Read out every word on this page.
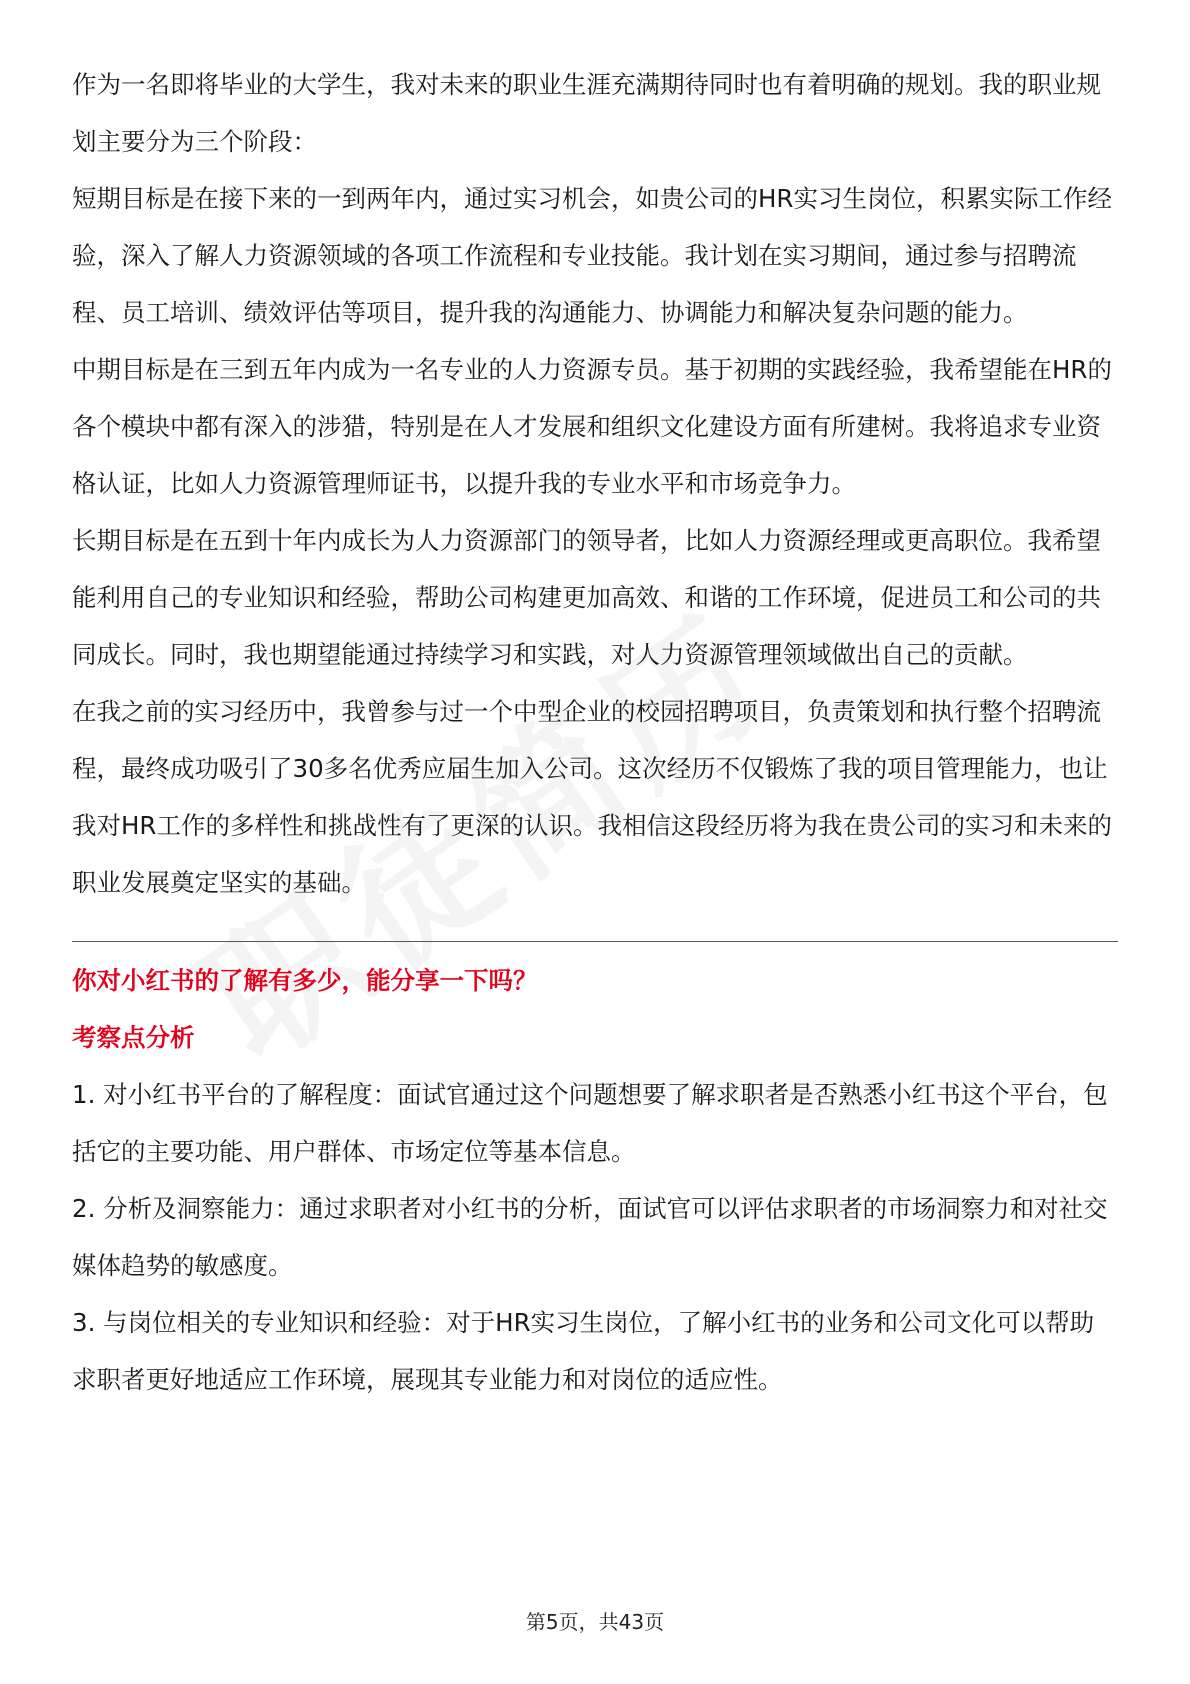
作为一名即将毕业的大学生，我对未来的职业生涯充满期待同时也有着明确的规划。我的职业规划主要分为三个阶段：

短期目标是在接下来的一到两年内，通过实习机会，如贵公司的HR实习生岗位，积累实际工作经验，深入了解人力资源领域的各项工作流程和专业技能。我计划在实习期间，通过参与招聘流程、员工培训、绩效评估等项目，提升我的沟通能力、协调能力和解决复杂问题的能力。

中期目标是在三到五年内成为一名专业的人力资源专员。基于初期的实践经验，我希望能在HR的各个模块中都有深入的涉猎，特别是在人才发展和组织文化建设方面有所建树。我将追求专业资格认证，比如人力资源管理师证书，以提升我的专业水平和市场竞争力。

长期目标是在五到十年内成长为人力资源部门的领导者，比如人力资源经理或更高职位。我希望能利用自己的专业知识和经验，帮助公司构建更加高效、和谐的工作环境，促进员工和公司的共同成长。同时，我也期望能通过持续学习和实践，对人力资源管理领域做出自己的贡献。

在我之前的实习经历中，我曾参与过一个中型企业的校园招聘项目，负责策划和执行整个招聘流程，最终成功吸引了30多名优秀应届生加入公司。这次经历不仅锻炼了我的项目管理能力，也让我对HR工作的多样性和挑战性有了更深的认识。我相信这段经历将为我在贵公司的实习和未来的职业发展奠定坚实的基础。

你对小红书的了解有多少，能分享一下吗？

考察点分析

1. 对小红书平台的了解程度：面试官通过这个问题想要了解求职者是否熟悉小红书这个平台，包括它的主要功能、用户群体、市场定位等基本信息。

2. 分析及洞察能力：通过求职者对小红书的分析，面试官可以评估求职者的市场洞察力和对社交媒体趋势的敏感度。

3. 与岗位相关的专业知识和经验：对于HR实习生岗位，了解小红书的业务和公司文化可以帮助求职者更好地适应工作环境，展现其专业能力和对岗位的适应性。

第5页，共43页
